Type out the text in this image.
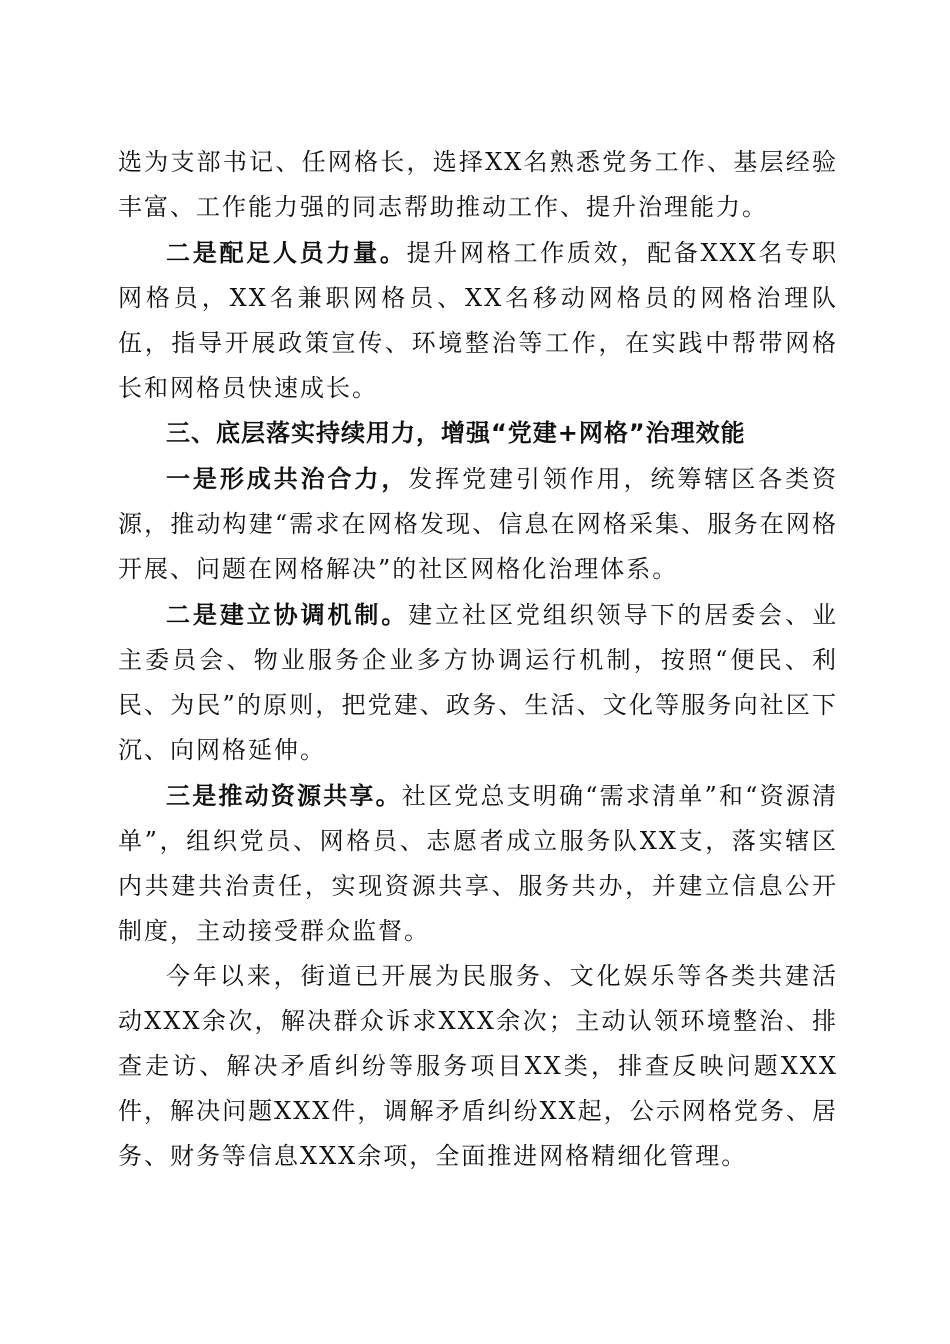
选为支部书记、任网格长，选择XX名熟悉党务工作、基层经验丰富、工作能力强的同志帮助推动工作、提升治理能力。

二是配足人员力量。提升网格工作质效，配备XXX名专职网格员，XX名兼职网格员、XX名移动网格员的网格治理队伍，指导开展政策宣传、环境整治等工作，在实践中帮带网格长和网格员快速成长。

三、底层落实持续用力，增强“党建+网格”治理效能

一是形成共治合力，发挥党建引领作用，统筹辖区各类资源，推动构建“需求在网格发现、信息在网格采集、服务在网格开展、问题在网格解决”的社区网格化治理体系。

二是建立协调机制。建立社区党组织领导下的居委会、业主委员会、物业服务企业多方协调运行机制，按照“便民、利民、为民”的原则，把党建、政务、生活、文化等服务向社区下沉、向网格延伸。

三是推动资源共享。社区党总支明确“需求清单”和“资源清单”，组织党员、网格员、志愿者成立服务队XX支，落实辖区内共建共治责任，实现资源共享、服务共办，并建立信息公开制度，主动接受群众监督。

今年以来，街道已开展为民服务、文化娱乐等各类共建活动XXX余次，解决群众诉求XXX余次；主动认领环境整治、排查走访、解决矛盾纠纷等服务项目XX类，排查反映问题XXX件，解决问题XXX件，调解矛盾纠纷XX起，公示网格党务、居务、财务等信息XXX余项，全面推进网格精细化管理。
